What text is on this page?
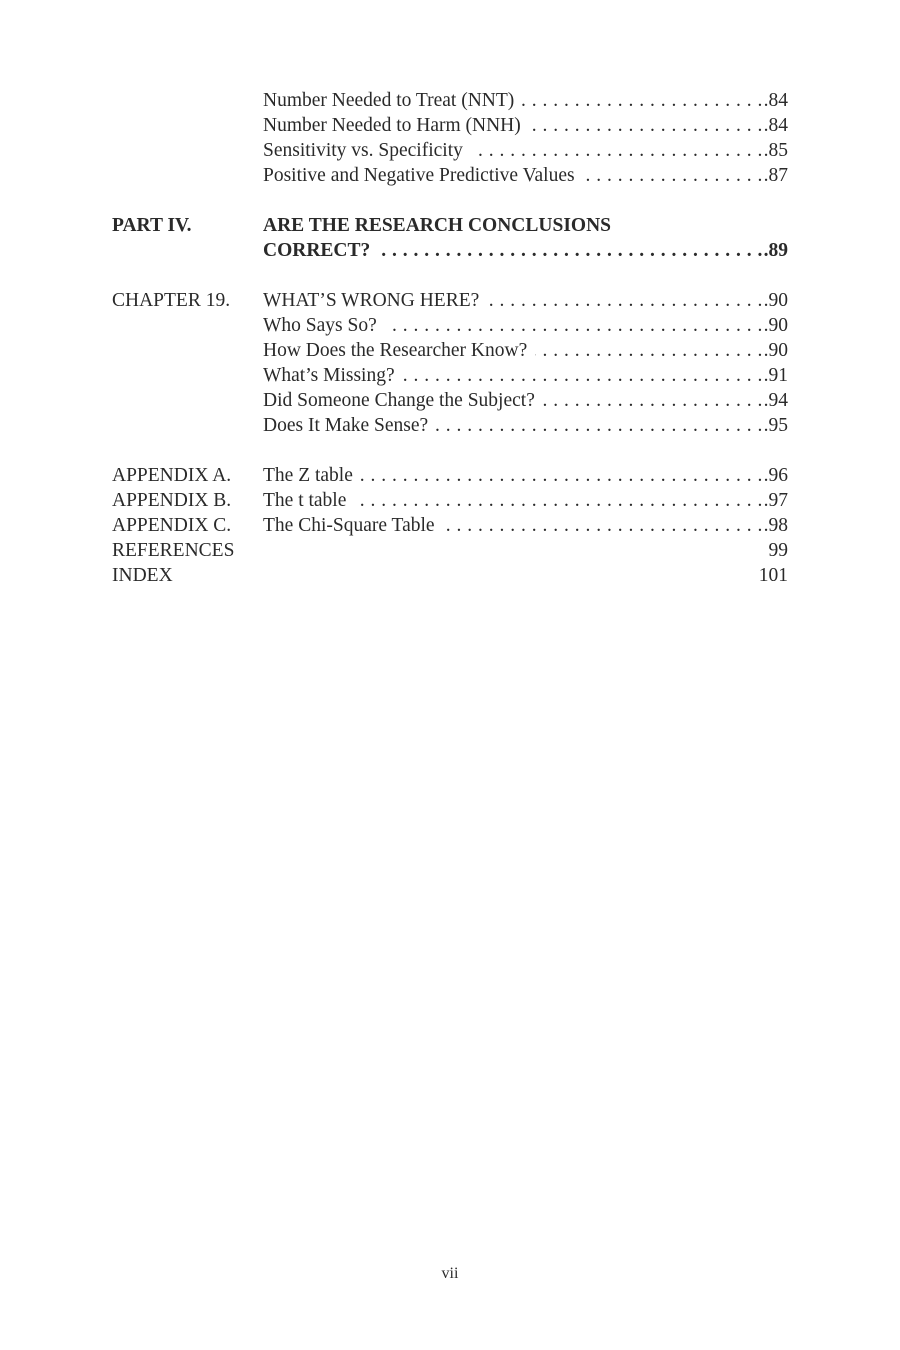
. . .
Number Needed to Treat (NNT)	.84
. . .
Number Needed to Harm (NNH)	.84
. . .
Sensitivity vs. Specificity	.85
. . .
Positive and Negative Predictive Values	.87
PART IV.	ARE THE RESEARCH CONCLUSIONS
. . .
CORRECT?	.89
CHAPTER 19. . . .	WHAT’S WRONG HERE?	.90
. . .
Who Says So?	.90
. . .
How Does the Researcher Know?	.90
. . .
What’s Missing?	.91
. . .
Did Someone Change the Subject?	.94
. . .
Does It Make Sense?	.95
APPENDIX A. . . .	The Z table	.96
APPENDIX B. . . .	The t table	.97
APPENDIX C. . . .	The Chi-Square Table	.98
REFERENCES	99
INDEX	101
vii
